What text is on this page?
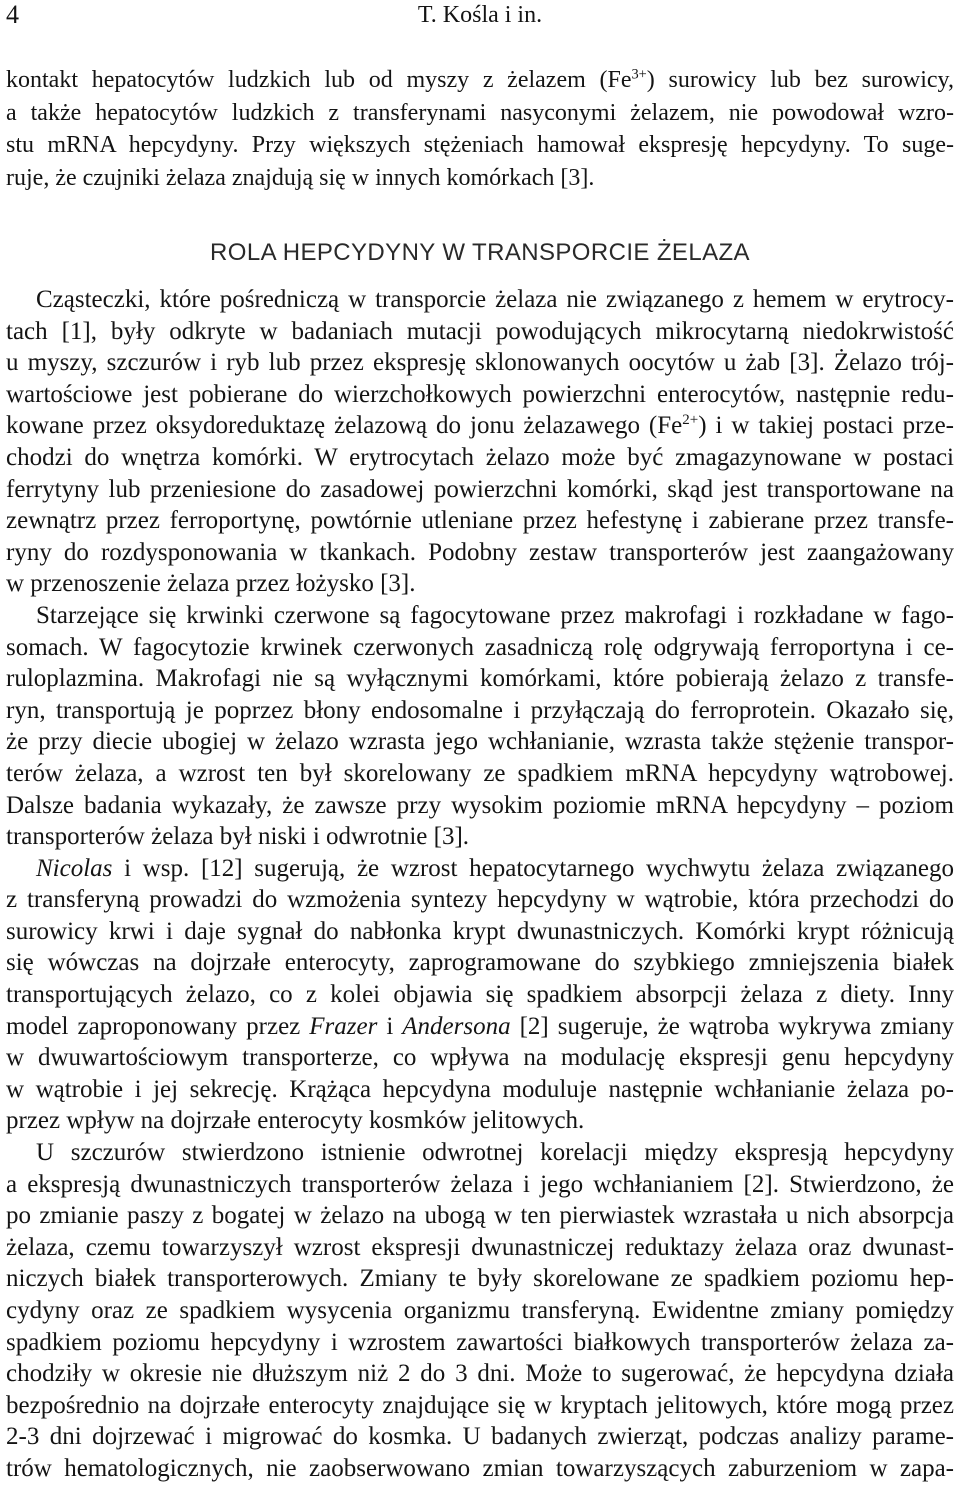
4	T. Kośla i in.
kontakt hepatocytów ludzkich lub od myszy z żelazem $(Fe^{3+})$ surowicy lub bez surowicy,
a także hepatocytów ludzkich z transferynami nasyconymi żelazem, nie powodował wzro-
stu mRNA hepcydyny. Przy większych stężeniach hamował ekspresję hepcydyny. To suge-
ruje, że czujniki żelaza znajdują się w innych komórkach [3].
ROLA HEPCYDYNY W TRANSPORCIE ŻELAZA
Cząsteczki, które pośredniczą w transporcie żelaza nie związanego z hemem w erytrocy-
tach [1], były odkryte w badaniach mutacji powodujących mikrocytarną niedokrwistość
u myszy, szczurów i ryb lub przez ekspresję sklonowanych oocytów u żab [3]. Żelazo trój-
wartościowe jest pobierane do wierzchołkowych powierzchni enterocytów, następnie redu-
kowane przez oksydoreduktazę żelazową do jonu żelazawego $(Fe^{2+})$ i w takiej postaci prze-
chodzi do wnętrza komórki. W erytrocytach żelazo może być zmagazynowane w postaci
ferrytyny lub przeniesione do zasadowej powierzchni komórki, skąd jest transportowane na
zewnątrz przez ferroportynę, powtórnie utleniane przez hefestynę i zabierane przez transfe-
ryny do rozdysponowania w tkankach. Podobny zestaw transporterów jest zaangażowany
w przenoszenie żelaza przez łożysko [3].
Starzejące się krwinki czerwone są fagocytowane przez makrofagi i rozkładane w fago-
somach. W fagocytozie krwinek czerwonych zasadniczą rolę odgrywają ferroportyna i ce-
ruloplazmina. Makrofagi nie są wyłącznymi komórkami, które pobierają żelazo z transfe-
ryn, transportują je poprzez błony endosomalne i przyłączają do ferroprotein. Okazało się,
że przy diecie ubogiej w żelazo wzrasta jego wchłanianie, wzrasta także stężenie transpor-
terów żelaza, a wzrost ten był skorelowany ze spadkiem mRNA hepcydyny wątrobowej.
Dalsze badania wykazały, że zawsze przy wysokim poziomie mRNA hepcydyny – poziom
transporterów żelaza był niski i odwrotnie [3].
Nicolas i wsp. [12] sugerują, że wzrost hepatocytarnego wychwytu żelaza związanego
z transferyną prowadzi do wzmożenia syntezy hepcydyny w wątrobie, która przechodzi do
surowicy krwi i daje sygnał do nabłonka krypt dwunastniczych. Komórki krypt różnicują
się wówczas na dojrzałe enterocyty, zaprogramowane do szybkiego zmniejszenia białek
transportujących żelazo, co z kolei objawia się spadkiem absorpcji żelaza z diety. Inny
model zaproponowany przez Frazer i Andersona [2] sugeruje, że wątroba wykrywa zmiany
w dwuwartościowym transporterze, co wpływa na modulację ekspresji genu hepcydyny
w wątrobie i jej sekrecję. Krążąca hepcydyna moduluje następnie wchłanianie żelaza po-
przez wpływ na dojrzałe enterocyty kosmków jelitowych.
U szczurów stwierdzono istnienie odwrotnej korelacji między ekspresją hepcydyny
a ekspresją dwunastniczych transporterów żelaza i jego wchłanianiem [2]. Stwierdzono, że
po zmianie paszy z bogatej w żelazo na ubogą w ten pierwiastek wzrastała u nich absorpcja
żelaza, czemu towarzyszył wzrost ekspresji dwunastniczej reduktazy żelaza oraz dwunast-
niczych białek transporterowych. Zmiany te były skorelowane ze spadkiem poziomu hep-
cydyny oraz ze spadkiem wysycenia organizmu transferyną. Ewidentne zmiany pomiędzy
spadkiem poziomu hepcydyny i wzrostem zawartości białkowych transporterów żelaza za-
chodziły w okresie nie dłuższym niż 2 do 3 dni. Może to sugerować, że hepcydyna działa
bezpośrednio na dojrzałe enterocyty znajdujące się w kryptach jelitowych, które mogą przez
2-3 dni dojrzewać i migrować do kosmka. U badanych zwierząt, podczas analizy parame-
trów hematologicznych, nie zaobserwowano zmian towarzyszących zaburzeniom w zapa-
